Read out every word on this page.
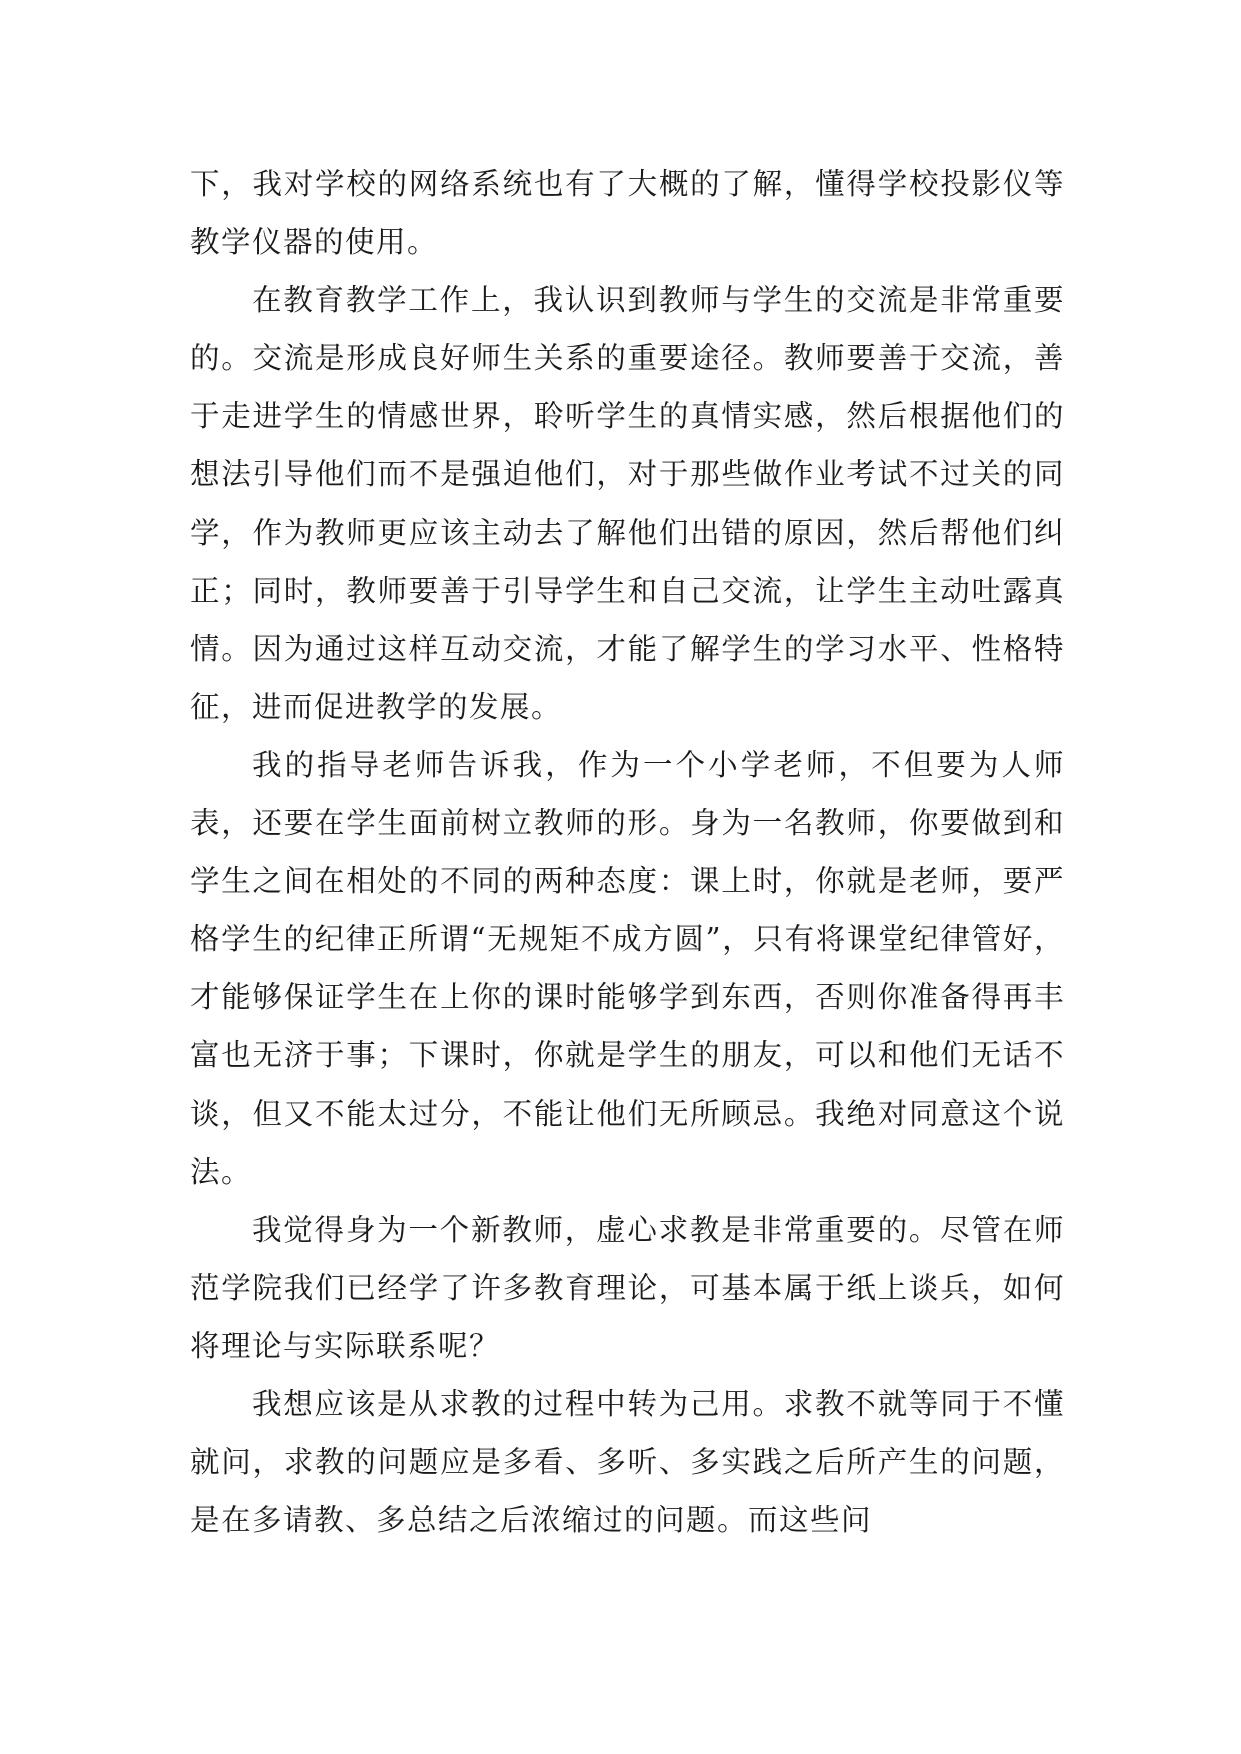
下，我对学校的网络系统也有了大概的了解，懂得学校投影仪等教学仪器的使用。

在教育教学工作上，我认识到教师与学生的交流是非常重要的。交流是形成良好师生关系的重要途径。教师要善于交流，善于走进学生的情感世界，聆听学生的真情实感，然后根据他们的想法引导他们而不是强迫他们，对于那些做作业考试不过关的同学，作为教师更应该主动去了解他们出错的原因，然后帮他们纠正；同时，教师要善于引导学生和自己交流，让学生主动吐露真情。因为通过这样互动交流，才能了解学生的学习水平、性格特征，进而促进教学的发展。

我的指导老师告诉我，作为一个小学老师，不但要为人师表，还要在学生面前树立教师的形。身为一名教师，你要做到和学生之间在相处的不同的两种态度：课上时，你就是老师，要严格学生的纪律正所谓“无规矩不成方圆”，只有将课堂纪律管好，才能够保证学生在上你的课时能够学到东西，否则你准备得再丰富也无济于事；下课时，你就是学生的朋友，可以和他们无话不谈，但又不能太过分，不能让他们无所顾忌。我绝对同意这个说法。

我觉得身为一个新教师，虚心求教是非常重要的。尽管在师范学院我们已经学了许多教育理论，可基本属于纸上谈兵，如何将理论与实际联系呢？

我想应该是从求教的过程中转为己用。求教不就等同于不懂就问，求教的问题应是多看、多听、多实践之后所产生的问题，是在多请教、多总结之后浓缩过的问题。而这些问
